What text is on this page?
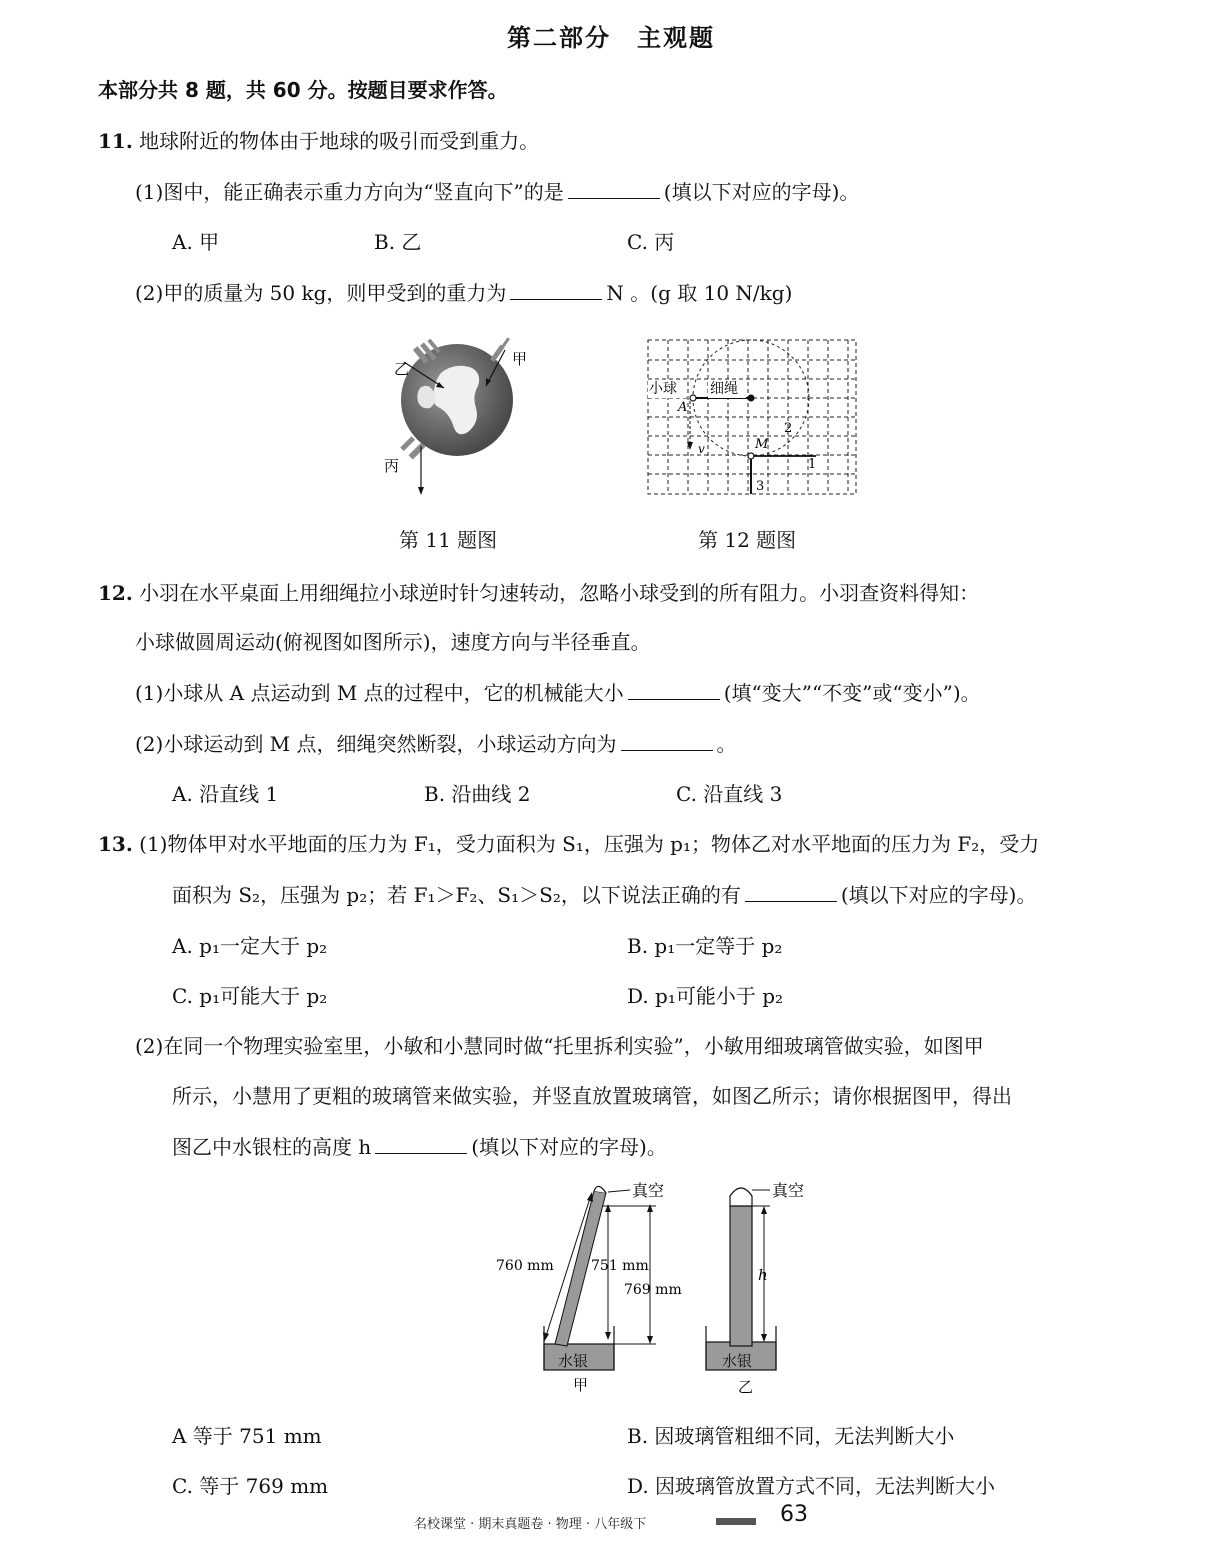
第二部分　主观题
本部分共 8 题，共 60 分。按题目要求作答。
11. 地球附近的物体由于地球的吸引而受到重力。
(1)图中，能正确表示重力方向为“竖直向下”的是	(填以下对应的字母)。
A. 甲	B. 乙	C. 丙
(2)甲的质量为 50 kg，则甲受到的重力为	N 。(g 取 10 N/kg)
乙
甲
丙
小球 细绳
A
v	M
1
2
3
第 11 题图	第 12 题图
12. 小羽在水平桌面上用细绳拉小球逆时针匀速转动，忽略小球受到的所有阻力。小羽查资料得知：
小球做圆周运动(俯视图如图所示)，速度方向与半径垂直。
(1)小球从 A 点运动到 M 点的过程中，它的机械能大小	(填“变大”“不变”或“变小”)。
(2)小球运动到 M 点，细绳突然断裂，小球运动方向为	。
A. 沿直线 1	B. 沿曲线 2	C. 沿直线 3
13. (1)物体甲对水平地面的压力为 F₁，受力面积为 S₁，压强为 p₁；物体乙对水平地面的压力为 F₂，受力
面积为 S₂，压强为 p₂；若 F₁＞F₂、S₁＞S₂，以下说法正确的有	(填以下对应的字母)。
A. p₁一定大于 p₂	B. p₁一定等于 p₂
C. p₁可能大于 p₂	D. p₁可能小于 p₂
(2)在同一个物理实验室里，小敏和小慧同时做“托里拆利实验”，小敏用细玻璃管做实验，如图甲
所示，小慧用了更粗的玻璃管来做实验，并竖直放置玻璃管，如图乙所示；请你根据图甲，得出
图乙中水银柱的高度 h	(填以下对应的字母)。
真空
760 mm	751 mm
769 mm
水银
甲
真空
h
水银
乙
A 等于 751 mm	B. 因玻璃管粗细不同，无法判断大小
C. 等于 769 mm	D. 因玻璃管放置方式不同，无法判断大小
名校课堂 · 期末真题卷 · 物理 · 八年级下	63
